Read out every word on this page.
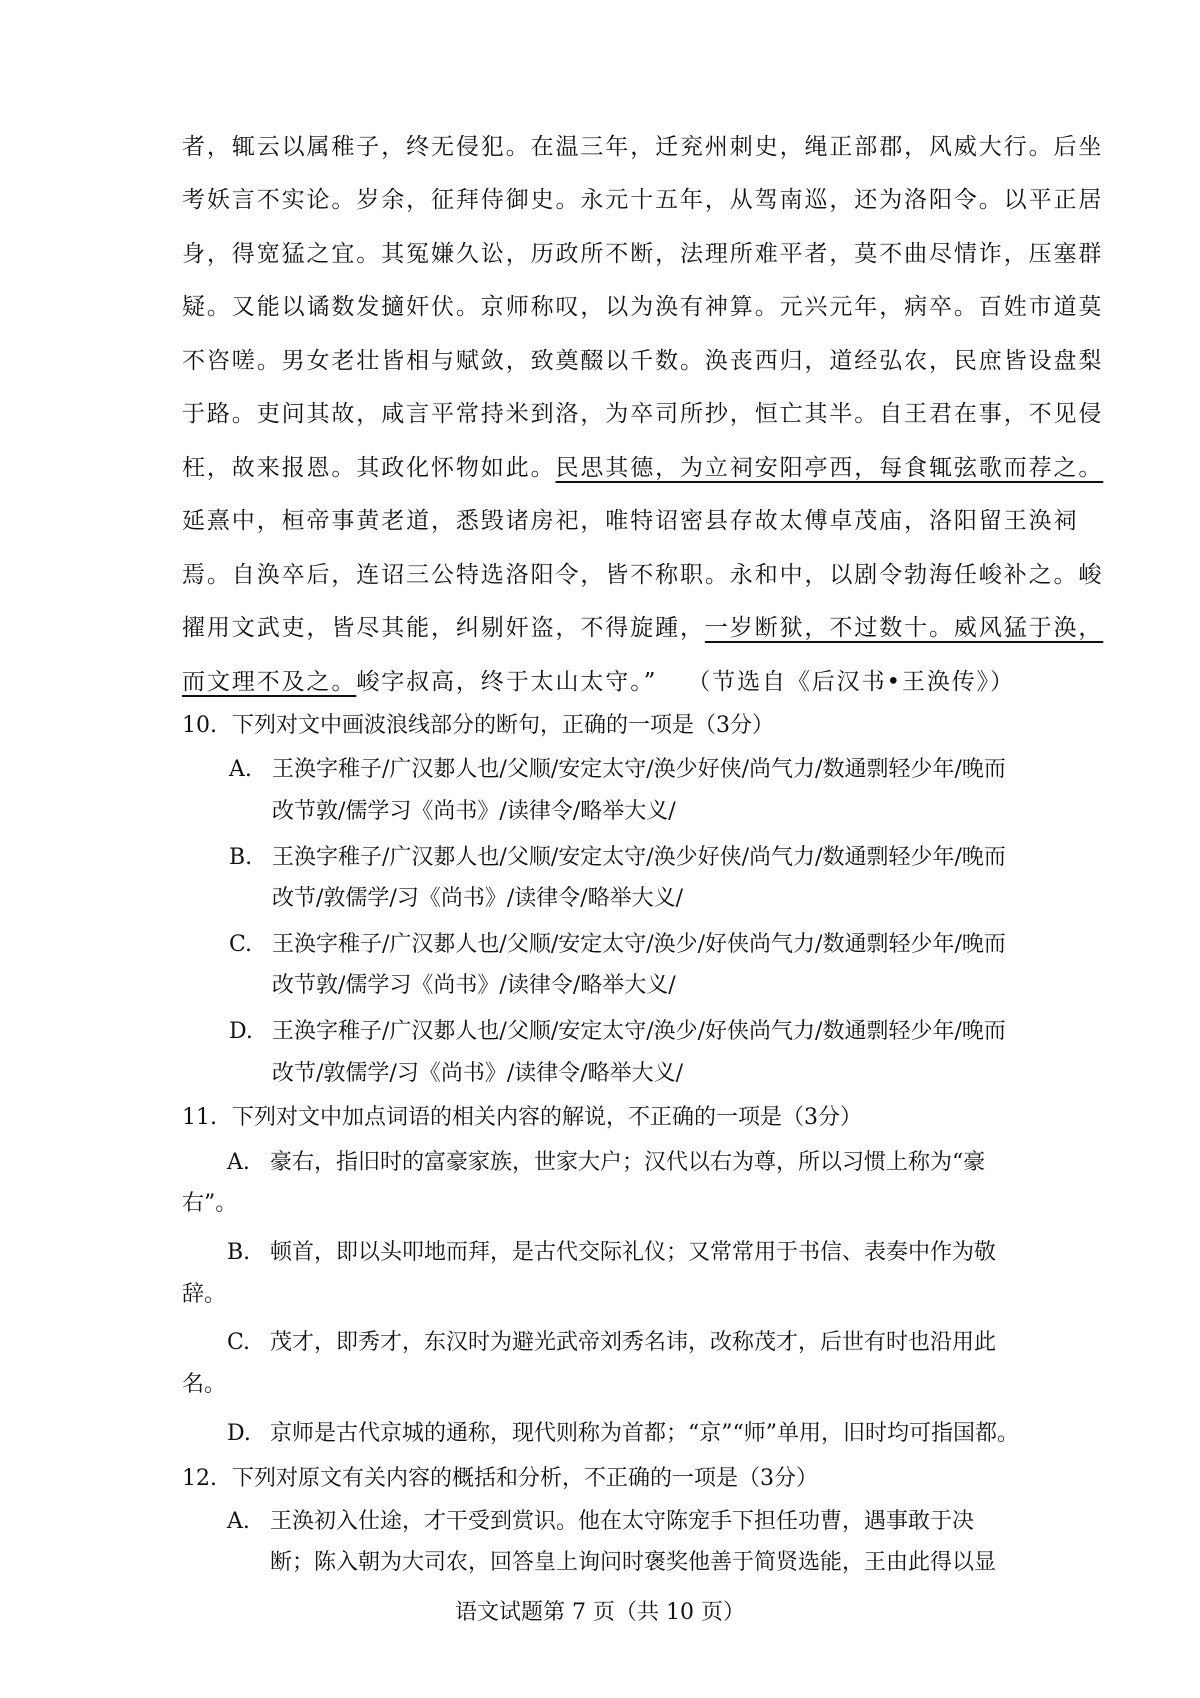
者，辄云以属稚子，终无侵犯。在温三年，迁兖州刺史，绳正部郡，风威大行。后坐
考妖言不实论。岁余，征拜侍御史。永元十五年，从驾南巡，还为洛阳令。以平正居
身，得宽猛之宜。其冤嫌久讼，历政所不断，法理所难平者，莫不曲尽情诈，压塞群
疑。又能以谲数发擿奸伏。京师称叹，以为涣有神算。元兴元年，病卒。百姓市道莫
不咨嗟。男女老壮皆相与赋敛，致奠醊以千数。涣丧西归，道经弘农，民庶皆设盘梨
于路。吏问其故，咸言平常持米到洛，为卒司所抄，恒亡其半。自王君在事，不见侵
枉，故来报恩。其政化怀物如此。民思其德，为立祠安阳亭西，每食辄弦歌而荐之。
延熹中，桓帝事黄老道，悉毁诸房祀，唯特诏密县存故太傅卓茂庙，洛阳留王涣祠
焉。自涣卒后，连诏三公特选洛阳令，皆不称职。永和中，以剧令勃海任峻补之。峻
擢用文武吏，皆尽其能，纠剔奸盗，不得旋踵，一岁断狱，不过数十。威风猛于涣，
而文理不及之。峻字叔高，终于太山太守。” （节选自《后汉书•王涣传》）
10. 下列对文中画波浪线部分的断句，正确的一项是（3分）
A. 王涣字稚子/广汉郪人也/父顺/安定太守/涣少好侠/尚气力/数通剽轻少年/晚而
改节敦/儒学习《尚书》/读律令/略举大义/
B. 王涣字稚子/广汉郪人也/父顺/安定太守/涣少好侠/尚气力/数通剽轻少年/晚而
改节/敦儒学/习《尚书》/读律令/略举大义/
C. 王涣字稚子/广汉郪人也/父顺/安定太守/涣少/好侠尚气力/数通剽轻少年/晚而
改节敦/儒学习《尚书》/读律令/略举大义/
D. 王涣字稚子/广汉郪人也/父顺/安定太守/涣少/好侠尚气力/数通剽轻少年/晚而
改节/敦儒学/习《尚书》/读律令/略举大义/
11. 下列对文中加点词语的相关内容的解说，不正确的一项是（3分）
A. 豪右，指旧时的富豪家族，世家大户；汉代以右为尊，所以习惯上称为“豪
右”。
B. 顿首，即以头叩地而拜，是古代交际礼仪；又常常用于书信、表奏中作为敬
辞。
C. 茂才，即秀才，东汉时为避光武帝刘秀名讳，改称茂才，后世有时也沿用此
名。
D. 京师是古代京城的通称，现代则称为首都；“京”“师”单用，旧时均可指国都。
12. 下列对原文有关内容的概括和分析，不正确的一项是（3分）
A. 王涣初入仕途，才干受到赏识。他在太守陈宠手下担任功曹，遇事敢于决
断；陈入朝为大司农，回答皇上询问时褒奖他善于简贤选能，王由此得以显
语文试题第 7 页（共 10 页）
